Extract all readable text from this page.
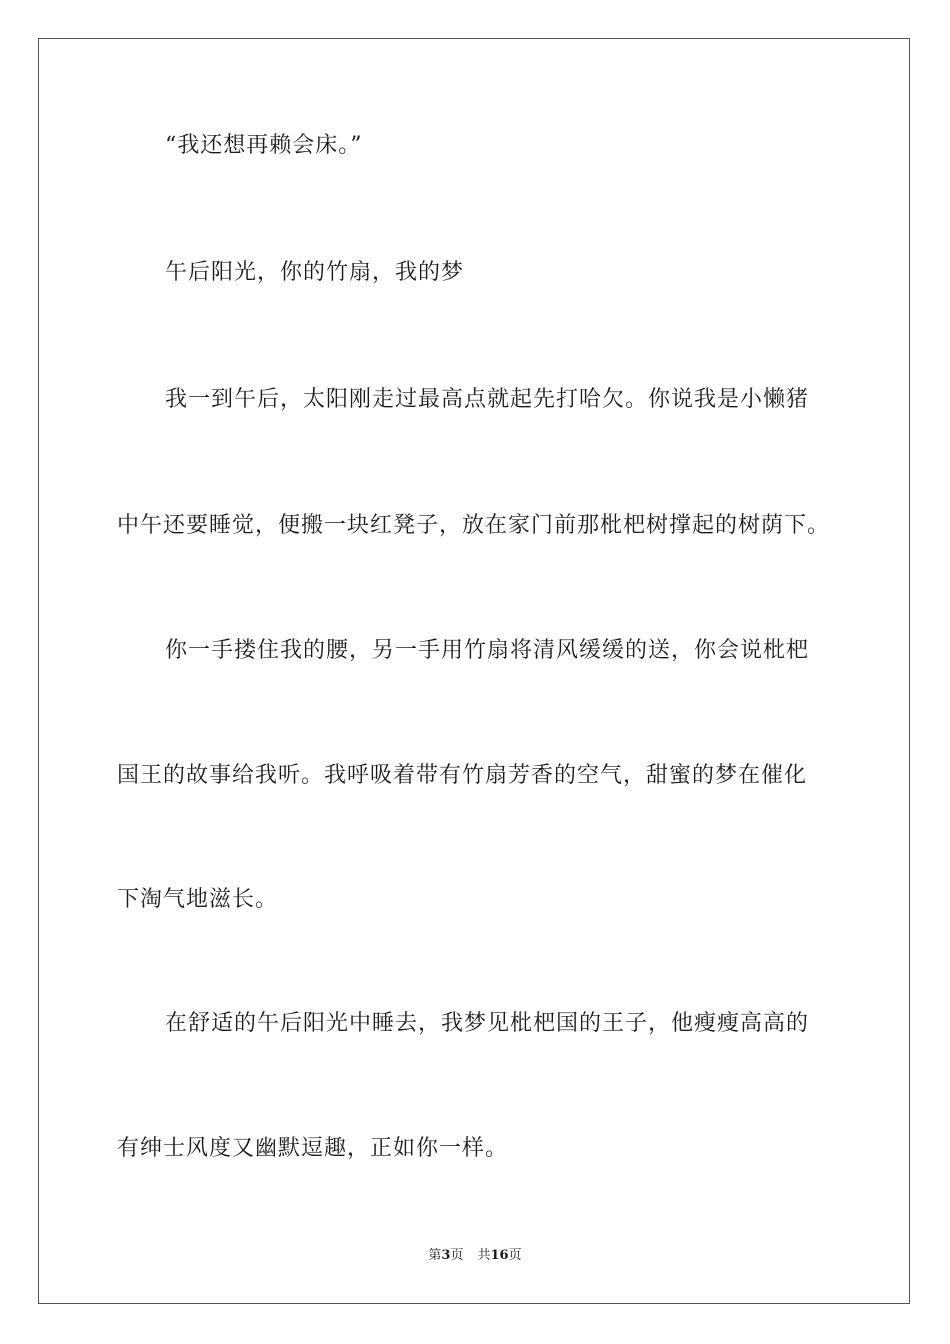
“我还想再赖会床。”
午后阳光，你的竹扇，我的梦
我一到午后，太阳刚走过最高点就起先打哈欠。你说我是小懒猪
中午还要睡觉，便搬一块红凳子，放在家门前那枇杷树撑起的树荫下。
你一手搂住我的腰，另一手用竹扇将清风缓缓的送，你会说枇杷
国王的故事给我听。我呼吸着带有竹扇芳香的空气，甜蜜的梦在催化
下淘气地滋长。
在舒适的午后阳光中睡去，我梦见枇杷国的王子，他瘦瘦高高的
有绅士风度又幽默逗趣，正如你一样。
第3页 共16页
